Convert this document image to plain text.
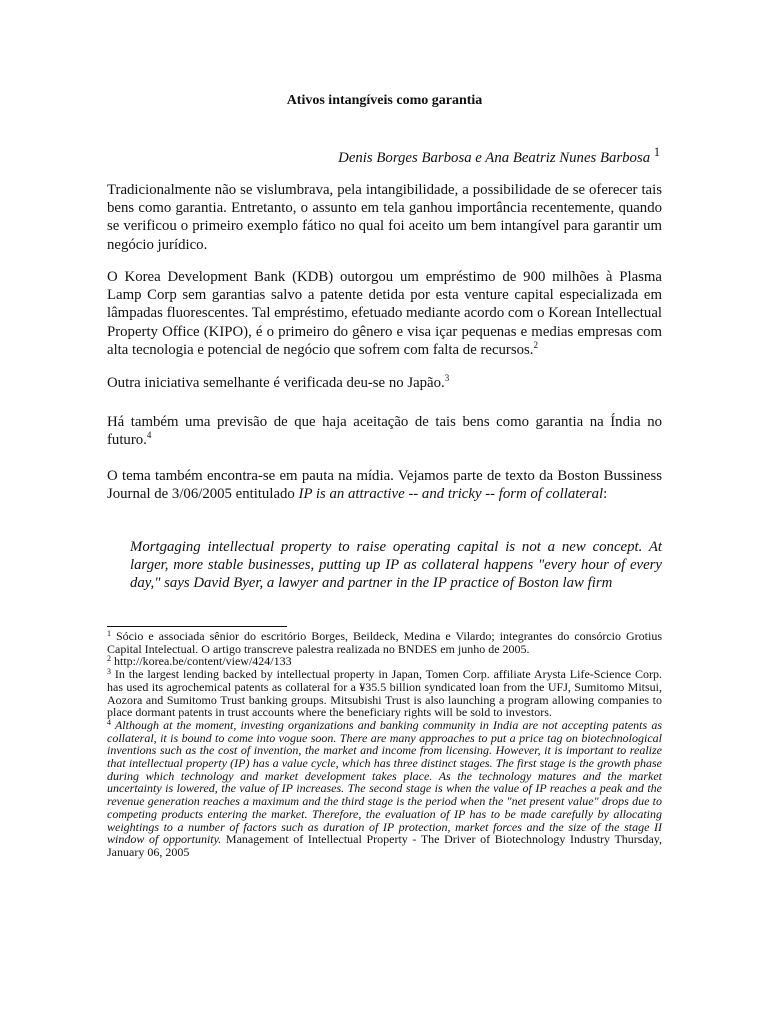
Ativos intangíveis como garantia

Denis Borges Barbosa e Ana Beatriz Nunes Barbosa $^1$

Tradicionalmente não se vislumbrava, pela intangibilidade, a possibilidade de se oferecer tais bens como garantia. Entretanto, o assunto em tela ganhou importância recentemente, quando se verificou o primeiro exemplo fático no qual foi aceito um bem intangível para garantir um negócio jurídico.

O Korea Development Bank (KDB) outorgou um empréstimo de 900 milhões à Plasma Lamp Corp sem garantias salvo a patente detida por esta venture capital especializada em lâmpadas fluorescentes. Tal empréstimo, efetuado mediante acordo com o Korean Intellectual Property Office (KIPO), é o primeiro do gênero e visa içar pequenas e medias empresas com alta tecnologia e potencial de negócio que sofrem com falta de recursos.$^2$

Outra iniciativa semelhante é verificada deu-se no Japão.$^3$

Há também uma previsão de que haja aceitação de tais bens como garantia na Índia no futuro.$^4$

O tema também encontra-se em pauta na mídia. Vejamos parte de texto da Boston Bussiness Journal de 3/06/2005 entitulado IP is an attractive -- and tricky -- form of collateral:

Mortgaging intellectual property to raise operating capital is not a new concept. At larger, more stable businesses, putting up IP as collateral happens "every hour of every day," says David Byer, a lawyer and partner in the IP practice of Boston law firm

$^1$ Sócio e associada sênior do escritório Borges, Beildeck, Medina e Vilardo; integrantes do consórcio Grotius Capital Intelectual. O artigo transcreve palestra realizada no BNDES em junho de 2005.

$^2$ http://korea.be/content/view/424/133

$^3$ In the largest lending backed by intellectual property in Japan, Tomen Corp. affiliate Arysta Life-Science Corp. has used its agrochemical patents as collateral for a ¥35.5 billion syndicated loan from the UFJ, Sumitomo Mitsui, Aozora and Sumitomo Trust banking groups. Mitsubishi Trust is also launching a program allowing companies to place dormant patents in trust accounts where the beneficiary rights will be sold to investors.

$^4$ Although at the moment, investing organizations and banking community in India are not accepting patents as collateral, it is bound to come into vogue soon. There are many approaches to put a price tag on biotechnological inventions such as the cost of invention, the market and income from licensing. However, it is important to realize that intellectual property (IP) has a value cycle, which has three distinct stages. The first stage is the growth phase during which technology and market development takes place. As the technology matures and the market uncertainty is lowered, the value of IP increases. The second stage is when the value of IP reaches a peak and the revenue generation reaches a maximum and the third stage is the period when the "net present value" drops due to competing products entering the market. Therefore, the evaluation of IP has to be made carefully by allocating weightings to a number of factors such as duration of IP protection, market forces and the size of the stage II window of opportunity. Management of Intellectual Property - The Driver of Biotechnology Industry Thursday, January 06, 2005
